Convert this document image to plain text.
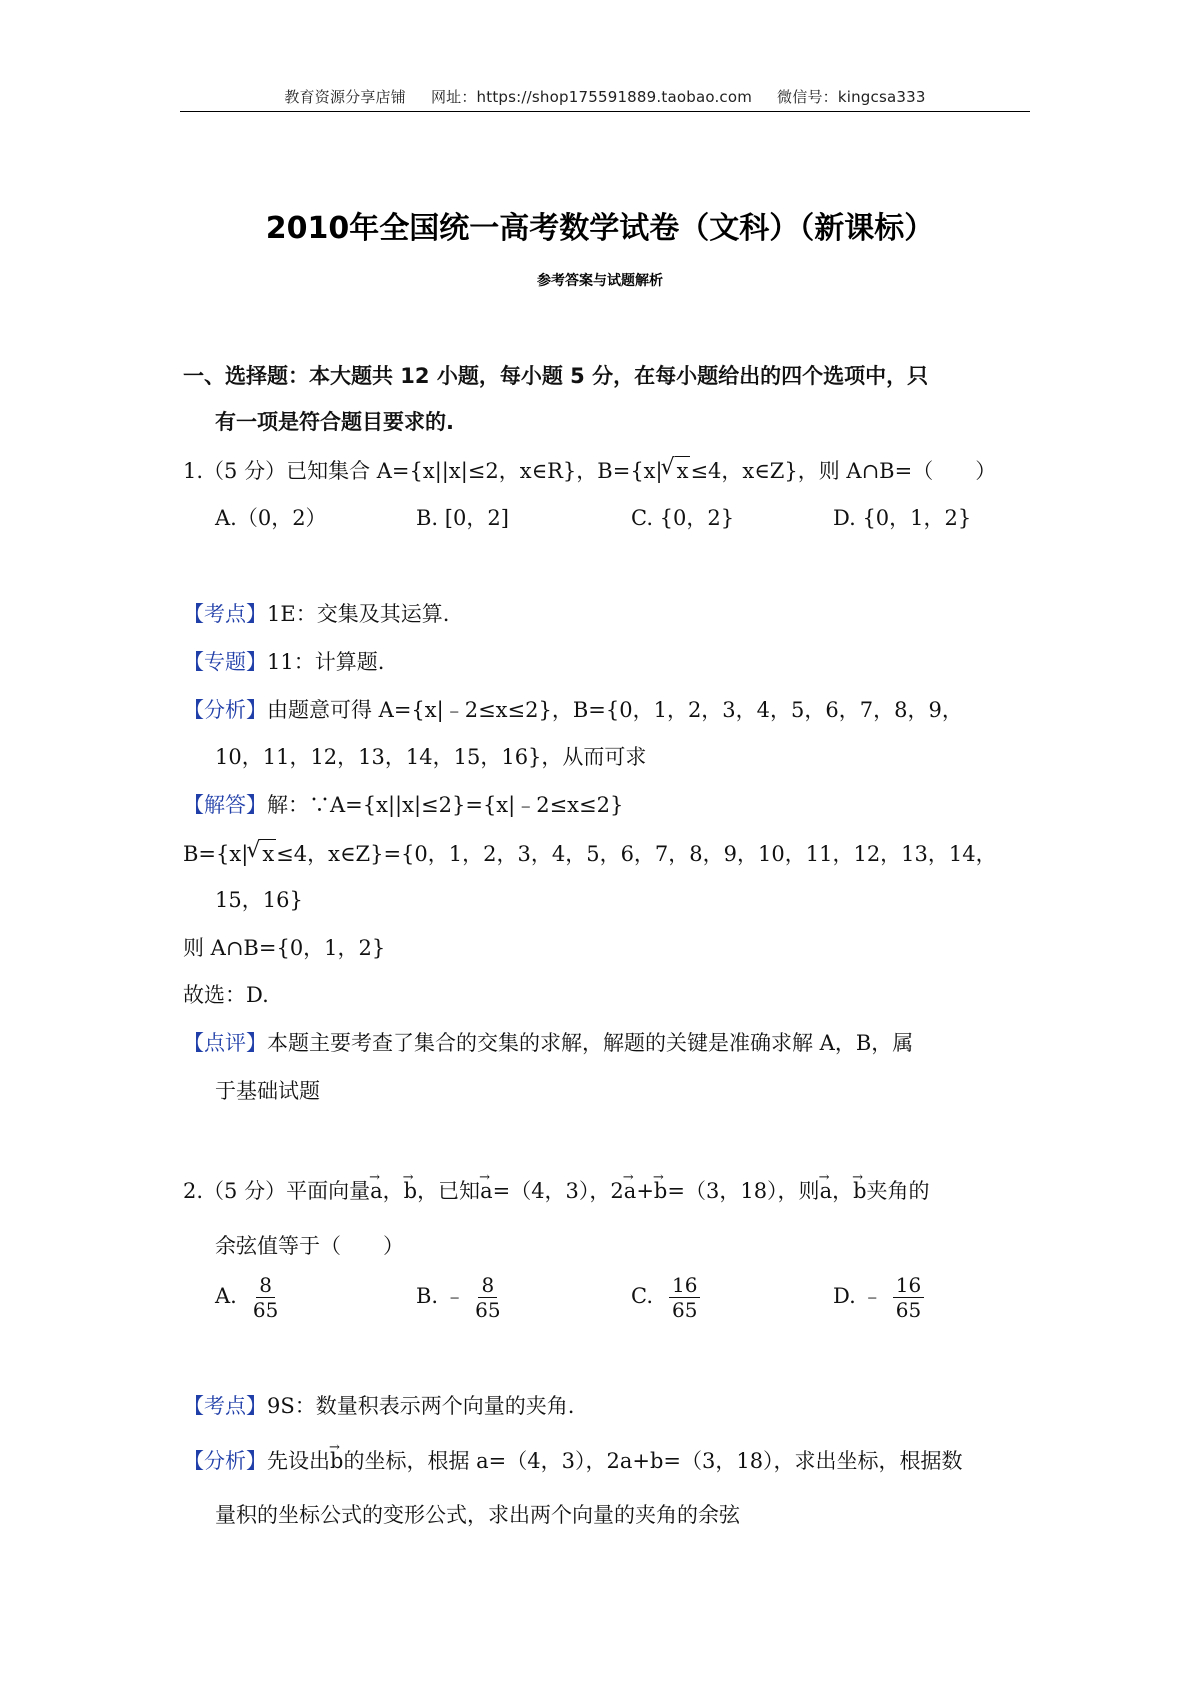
教育资源分享店铺 网址：https://shop175591889.taobao.com 微信号：kingcsa333
2010年全国统一高考数学试卷（文科）（新课标）
参考答案与试题解析
一、选择题：本大题共 12 小题，每小题 5 分，在每小题给出的四个选项中，只
有一项是符合题目要求的.
1.（5 分）已知集合 A={x||x|≤2，x∈R}，B={x|
√ x≤4，x∈Z}，则 A∩B=（　　）
A.（0，2）	B. [0，2]	C. {0，2}	D. {0，1，2}
【考点】1E：交集及其运算.
【专题】11：计算题.
【分析】由题意可得 A={x|﹣2≤x≤2}，B={0，1，2，3，4，5，6，7，8，9，
10，11，12，13，14，15，16}，从而可求
【解答】解：∵A={x||x|≤2}={x|﹣2≤x≤2}
B={x|
√ x≤4，x∈Z}={0，1，2，3，4，5，6，7，8，9，10，11，12，13，14，
15，16}
则 A∩B={0，1，2}
故选：D.
【点评】本题主要考查了集合的交集的求解，解题的关键是准确求解 A，B，属
于基础试题
2.（5 分）平面向量→ a，→ b，已知→ a=（4，3），2→ a+→ b=（3，18），则→ a，→ b夹角的
余弦值等于（　　）
A. $\frac{8}{65}$	B. ﹣ $\frac{8}{65}$	C. $\frac{16}{65}$	D. ﹣ $\frac{16}{65}$
【考点】9S：数量积表示两个向量的夹角.
【分析】先设出→ b的坐标，根据 a=（4，3），2a+b=（3，18），求出坐标，根据数
量积的坐标公式的变形公式，求出两个向量的夹角的余弦
